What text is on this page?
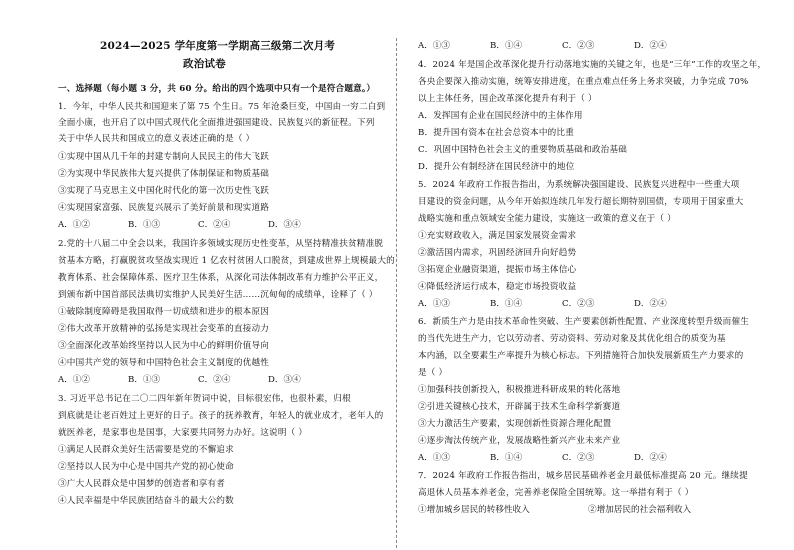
2024—2025 学年度第一学期高三级第二次月考
政治试卷
一、选择题（每小题 3 分，共 60 分。给出的四个选项中只有一个是符合题意。）
1．今年，中华人民共和国迎来了第 75 个生日。75 年沧桑巨变，中国由一穷二白到
全面小康，也开启了以中国式现代化全面推进强国建设、民族复兴的新征程。下列
关于中华人民共和国成立的意义表述正确的是（ ）
①实现中国从几千年的封建专制向人民民主的伟大飞跃
②为实现中华民族伟大复兴提供了体制保证和物质基础
③实现了马克思主义中国化时代化的第一次历史性飞跃
④实现国家富强、民族复兴展示了美好前景和现实道路
A．①②	B．①③	C．②④	D．③④
2.党的十八届二中全会以来，我国许多领域实现历史性变革，从坚持精准扶贫精准脱
贫基本方略，打赢脱贫攻坚战实现近 1 亿农村贫困人口脱贫，到建成世界上规模最大的
教育体系、社会保障体系、医疗卫生体系，从深化司法体制改革有力维护公平正义，
到颁布新中国首部民法典切实维护人民美好生活……沉甸甸的成绩单，诠释了（ ）
①破除制度障碍是我国取得一切成绩和进步的根本原因
②伟大改革开放精神的弘扬是实现社会变革的直接动力
③全面深化改革始终坚持以人民为中心的鲜明价值导向
④中国共产党的领导和中国特色社会主义制度的优越性
A．①②	B．①③	C．②④	D．③④
3. 习近平总书记在二〇二四年新年贺词中说，目标很宏伟，也很朴素，归根
到底就是让老百姓过上更好的日子。孩子的抚养教育，年轻人的就业成才，老年人的
就医养老，是家事也是国事，大家要共同努力办好。这说明（ ）
①满足人民群众美好生活需要是党的不懈追求
②坚持以人民为中心是中国共产党的初心使命
③广大人民群众是中国梦的创造者和享有者
④人民幸福是中华民族团结奋斗的最大公约数
A．①③	B．①④	C．②③	D．②④
4．2024 年是国企改革深化提升行动落地实施的关键之年，也是“三年”工作的攻坚之年，
各央企要深入推动实施，统筹安排进度，在重点难点任务上务求突破，力争完成 70%
以上主体任务，国企改革深化提升有利于（ ）
A．发挥国有企业在国民经济中的主体作用
B．提升国有资本在社会总资本中的比重
C．巩固中国特色社会主义的重要物质基础和政治基础
D．提升公有制经济在国民经济中的地位
5．2024 年政府工作报告指出，为系统解决强国建设、民族复兴进程中一些重大项
目建设的资金问题，从今年开始拟连续几年发行超长期特别国债，专项用于国家重大
战略实施和重点领域安全能力建设，实施这一政策的意义在于（ ）
①充实财政收入，满足国家发展资金需求
②激活国内需求，巩固经济回升向好趋势
③拓宽企业融资渠道，提振市场主体信心
④降低经济运行成本，稳定市场投资收益
A．①③	B．①④	C．②③	D．②④
6．新质生产力是由技术革命性突破、生产要素创新性配置、产业深度转型升级而催生
的当代先进生产力，它以劳动者、劳动资料、劳动对象及其优化组合的质变为基
本内涵，以全要素生产率提升为核心标志。下列措施符合加快发展新质生产力要求的
是（ ）
①加强科技创新投入，积极推进科研成果的转化落地
②引进关键核心技术，开辟属于技术生命科学新赛道
③大力激活生产要素，实现创新性资源合理化配置
④逐步淘汰传统产业，发展战略性新兴产业未来产业
A．①③	B．①④	C．②③	D．②④
7．2024 年政府工作报告指出，城乡居民基础养老金月最低标准提高 20 元。继续提
高退休人员基本养老金，完善养老保险全国统筹。这一举措有利于（ ）
①增加城乡居民的转移性收入	②增加居民的社会福利收入
